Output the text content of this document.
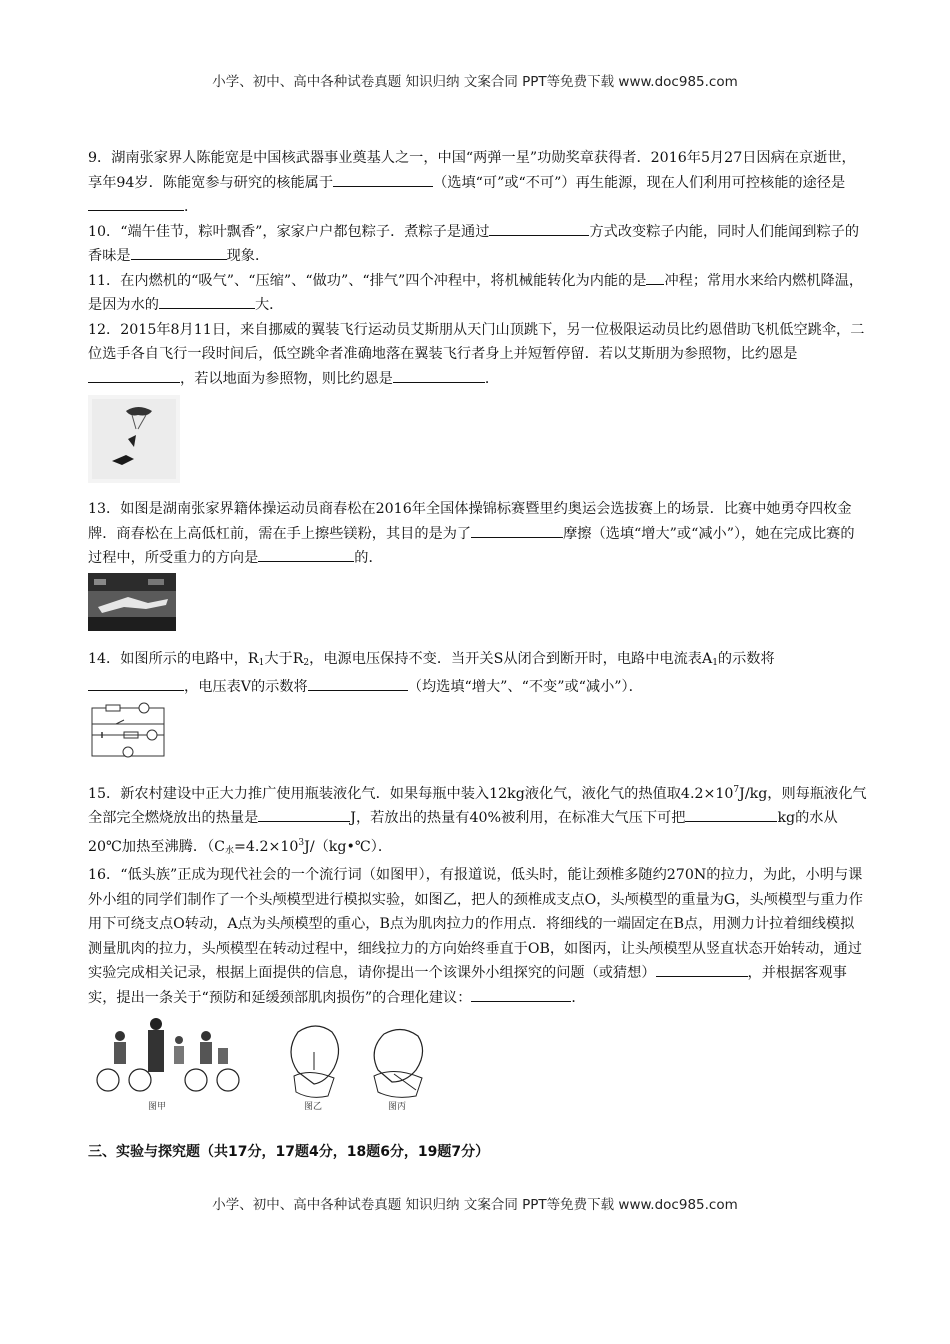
小学、初中、高中各种试卷真题 知识归纳 文案合同 PPT等免费下载 www.doc985.com

9．湖南张家界人陈能宽是中国核武器事业奠基人之一，中国“两弹一星”功勋奖章获得者．2016年5月27日因病在京逝世，享年94岁．陈能宽参与研究的核能属于	（选填“可”或“不可”）再生能源，现在人们利用可控核能的途径是．

10．“端午佳节，粽叶飘香”，家家户户都包粽子．煮粽子是通过	方式改变粽子内能，同时人们能闻到粽子的香味是	现象．

11．在内燃机的“吸气”、“压缩”、“做功”、“排气”四个冲程中，将机械能转化为内能的是 冲程；常用水来给内燃机降温，是因为水的	大．

12．2015年8月11日，来自挪威的翼装飞行运动员艾斯朋从天门山顶跳下，另一位极限运动员比约恩借助飞机低空跳伞，二位选手各自飞行一段时间后，低空跳伞者准确地落在翼装飞行者身上并短暂停留．若以艾斯朋为参照物，比约恩是，若以地面为参照物，则比约恩是	．

13．如图是湖南张家界籍体操运动员商春松在2016年全国体操锦标赛暨里约奥运会选拔赛上的场景．比赛中她勇夺四枚金牌．商春松在上高低杠前，需在手上擦些镁粉，其目的是为了	摩擦（选填“增大”或“减小”），她在完成比赛的过程中，所受重力的方向是	的．

14．如图所示的电路中，$R_1$大于$R_2$，电源电压保持不变．当开关S从闭合到断开时，电路中电流表$A_1$的示数将，电压表V的示数将	（均选填“增大”、“不变”或“减小”）．

15．新农村建设中正大力推广使用瓶装液化气．如果每瓶中装入12kg液化气，液化气的热值取$4.2\times 10^7J/kg$，则每瓶液化气全部完全燃烧放出的热量是	J，若放出的热量有40%被利用，在标准大气压下可把	kg的水从20℃加热至沸腾．（$C_水=4.2\times 10^3J/(kg•℃)$．

16．“低头族”正成为现代社会的一个流行词（如图甲），有报道说，低头时，能让颈椎多随约270N的拉力，为此，小明与课外小组的同学们制作了一个头颅模型进行模拟实验，如图乙，把人的颈椎成支点O，头颅模型的重量为G，头颅模型与重力作用下可绕支点O转动，A点为头颅模型的重心，B点为肌肉拉力的作用点．将细线的一端固定在B点，用测力计拉着细线模拟测量肌肉的拉力，头颅模型在转动过程中，细线拉力的方向始终垂直于OB，如图丙，让头颅模型从竖直状态开始转动，通过实验完成相关记录，根据上面提供的信息，请你提出一个该课外小组探究的问题（或猜想）	，并根据客观事实，提出一条关于“预防和延缓颈部肌肉损伤”的合理化建议：	．

图甲	图乙	图丙

三、实验与探究题（共17分，17题4分，18题6分，19题7分）

小学、初中、高中各种试卷真题 知识归纳 文案合同 PPT等免费下载 www.doc985.com
